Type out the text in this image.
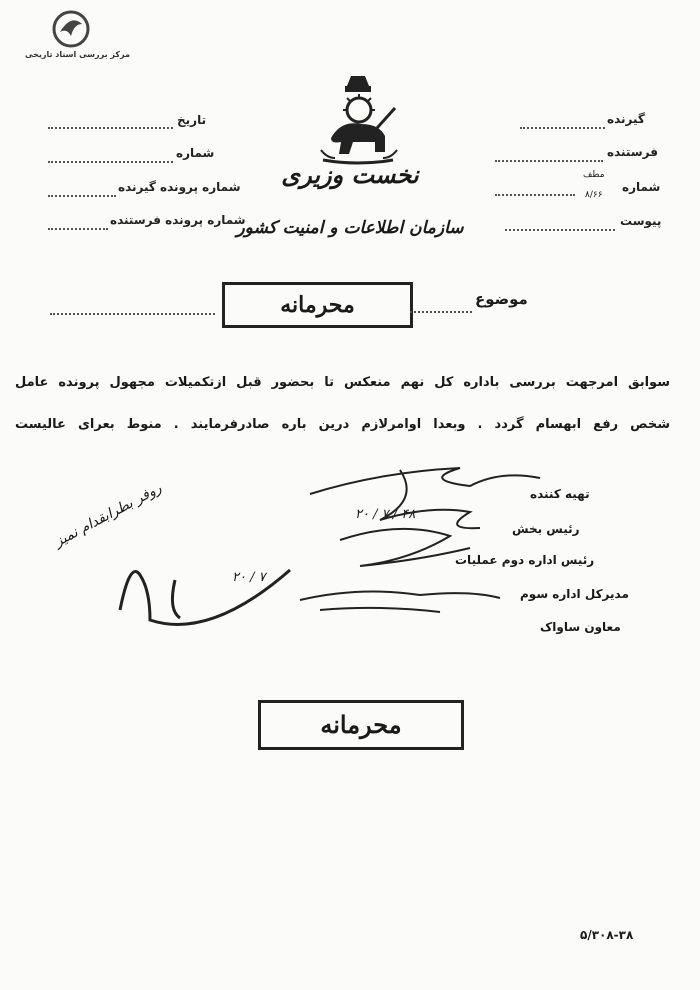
مرکز بررسی اسناد تاریخی
گیرنده
فرستنده
شماره
مطف
۸/۶۶
پیوست
تاریخ
شماره
شماره پرونده گیرنده
شماره پرونده فرستنده
نخست وزیری
سازمان اطلاعات و امنیت کشور
محرمانه	موضوع
سوابق امرجهت بررسی باداره کل نهم منعکس تا بحضور قبل ازتکمیلات مجهول پرونده عامل
شخص رفع ابهسام گردد . وبعدا اوامرلازم درین باره صادرفرمایند . منوط بعرای عالیست
تهیه کننده
۲۰ / ۷ / ۴۸
رئیس بخش
رئیس اداره دوم عملیات
مدیرکل اداره سوم
معاون ساواک
روفر بطرابقدام نمیز
۲۰ / ۷
محرمانه
۵/۳۰۸-۳۸
